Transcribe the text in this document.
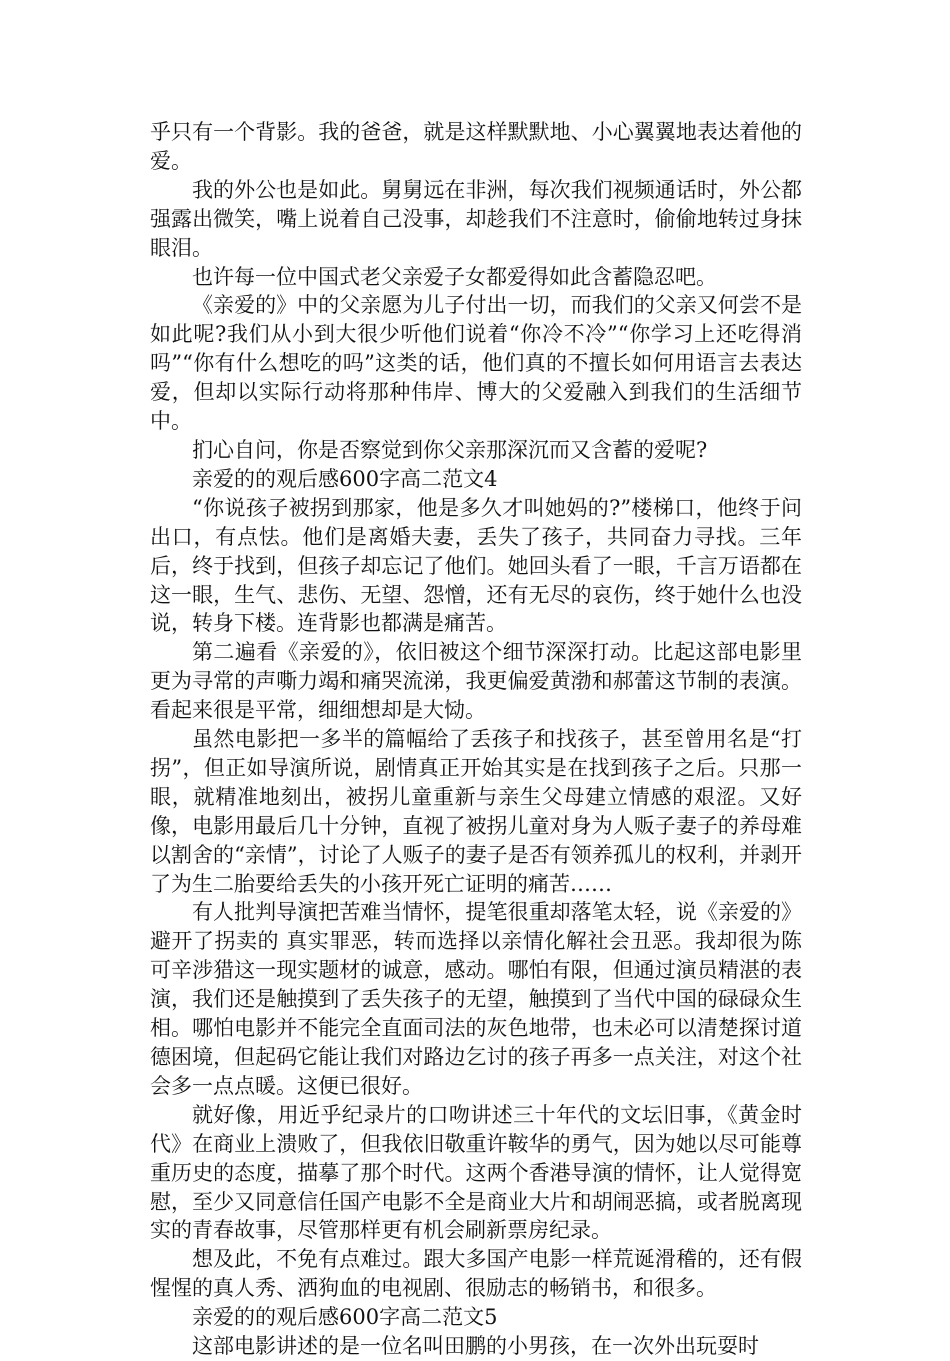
乎只有一个背影。我的爸爸，就是这样默默地、小心翼翼地表达着他的爱。

我的外公也是如此。舅舅远在非洲，每次我们视频通话时，外公都强露出微笑，嘴上说着自己没事，却趁我们不注意时，偷偷地转过身抹眼泪。

也许每一位中国式老父亲爱子女都爱得如此含蓄隐忍吧。

《亲爱的》中的父亲愿为儿子付出一切，而我们的父亲又何尝不是如此呢?我们从小到大很少听他们说着“你冷不冷”“你学习上还吃得消吗”“你有什么想吃的吗”这类的话，他们真的不擅长如何用语言去表达爱，但却以实际行动将那种伟岸、博大的父爱融入到我们的生活细节中。

扪心自问，你是否察觉到你父亲那深沉而又含蓄的爱呢?

亲爱的的观后感600字高二范文4

“你说孩子被拐到那家，他是多久才叫她妈的?”楼梯口，他终于问出口，有点怯。他们是离婚夫妻，丢失了孩子，共同奋力寻找。三年后，终于找到，但孩子却忘记了他们。她回头看了一眼，千言万语都在这一眼，生气、悲伤、无望、怨憎，还有无尽的哀伤，终于她什么也没说，转身下楼。连背影也都满是痛苦。

第二遍看《亲爱的》，依旧被这个细节深深打动。比起这部电影里更为寻常的声嘶力竭和痛哭流涕，我更偏爱黄渤和郝蕾这节制的表演。看起来很是平常，细细想却是大恸。

虽然电影把一多半的篇幅给了丢孩子和找孩子，甚至曾用名是“打拐”，但正如导演所说，剧情真正开始其实是在找到孩子之后。只那一眼，就精准地刻出，被拐儿童重新与亲生父母建立情感的艰涩。又好像，电影用最后几十分钟，直视了被拐儿童对身为人贩子妻子的养母难以割舍的“亲情”，讨论了人贩子的妻子是否有领养孤儿的权利，并剥开了为生二胎要给丢失的小孩开死亡证明的痛苦……

有人批判导演把苦难当情怀，提笔很重却落笔太轻，说《亲爱的》避开了拐卖的 真实罪恶，转而选择以亲情化解社会丑恶。我却很为陈可辛涉猎这一现实题材的诚意，感动。哪怕有限，但通过演员精湛的表演，我们还是触摸到了丢失孩子的无望，触摸到了当代中国的碌碌众生相。哪怕电影并不能完全直面司法的灰色地带，也未必可以清楚探讨道德困境，但起码它能让我们对路边乞讨的孩子再多一点关注，对这个社会多一点点暖。这便已很好。

就好像，用近乎纪录片的口吻讲述三十年代的文坛旧事，《黄金时代》在商业上溃败了，但我依旧敬重许鞍华的勇气，因为她以尽可能尊重历史的态度，描摹了那个时代。这两个香港导演的情怀，让人觉得宽慰，至少又同意信任国产电影不全是商业大片和胡闹恶搞，或者脱离现实的青春故事，尽管那样更有机会刷新票房纪录。

想及此，不免有点难过。跟大多国产电影一样荒诞滑稽的，还有假惺惺的真人秀、洒狗血的电视剧、很励志的畅销书，和很多。

亲爱的的观后感600字高二范文5

这部电影讲述的是一位名叫田鹏的小男孩，在一次外出玩耍时
